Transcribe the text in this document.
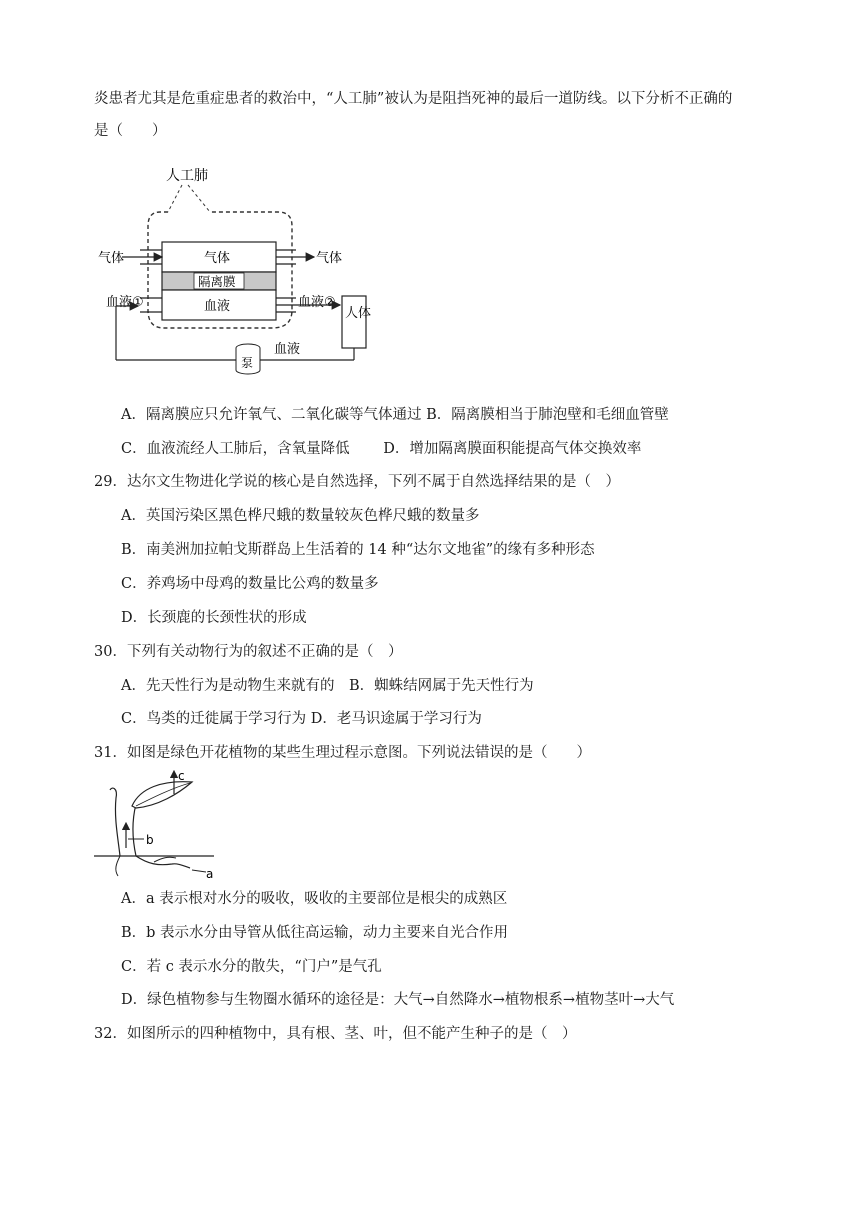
炎患者尤其是危重症患者的救治中，“人工肺”被认为是阻挡死神的最后一道防线。以下分析不正确的
是（　　）
人工肺
气体	气体
气体
隔离膜
血液
血液①	血液②
人体
血液
泵
A．隔离膜应只允许氧气、二氧化碳等气体通过 B．隔离膜相当于肺泡壁和毛细血管壁
C．血液流经人工肺后，含氧量降低　　 D．增加隔离膜面积能提高气体交换效率
29．达尔文生物进化学说的核心是自然选择，下列不属于自然选择结果的是（　）
A．英国污染区黑色桦尺蛾的数量较灰色桦尺蛾的数量多
B．南美洲加拉帕戈斯群岛上生活着的 14 种“达尔文地雀”的缘有多种形态
C．养鸡场中母鸡的数量比公鸡的数量多
D．长颈鹿的长颈性状的形成
30．下列有关动物行为的叙述不正确的是（　）
A．先天性行为是动物生来就有的　B．蜘蛛结网属于先天性行为
C．鸟类的迁徙属于学习行为 D．老马识途属于学习行为
31．如图是绿色开花植物的某些生理过程示意图。下列说法错误的是（　　）
c
b
a
A．a 表示根对水分的吸收，吸收的主要部位是根尖的成熟区
B．b 表示水分由导管从低往高运输，动力主要来自光合作用
C．若 c 表示水分的散失，“门户”是气孔
D．绿色植物参与生物圈水循环的途径是：大气→自然降水→植物根系→植物茎叶→大气
32．如图所示的四种植物中，具有根、茎、叶，但不能产生种子的是（　）
